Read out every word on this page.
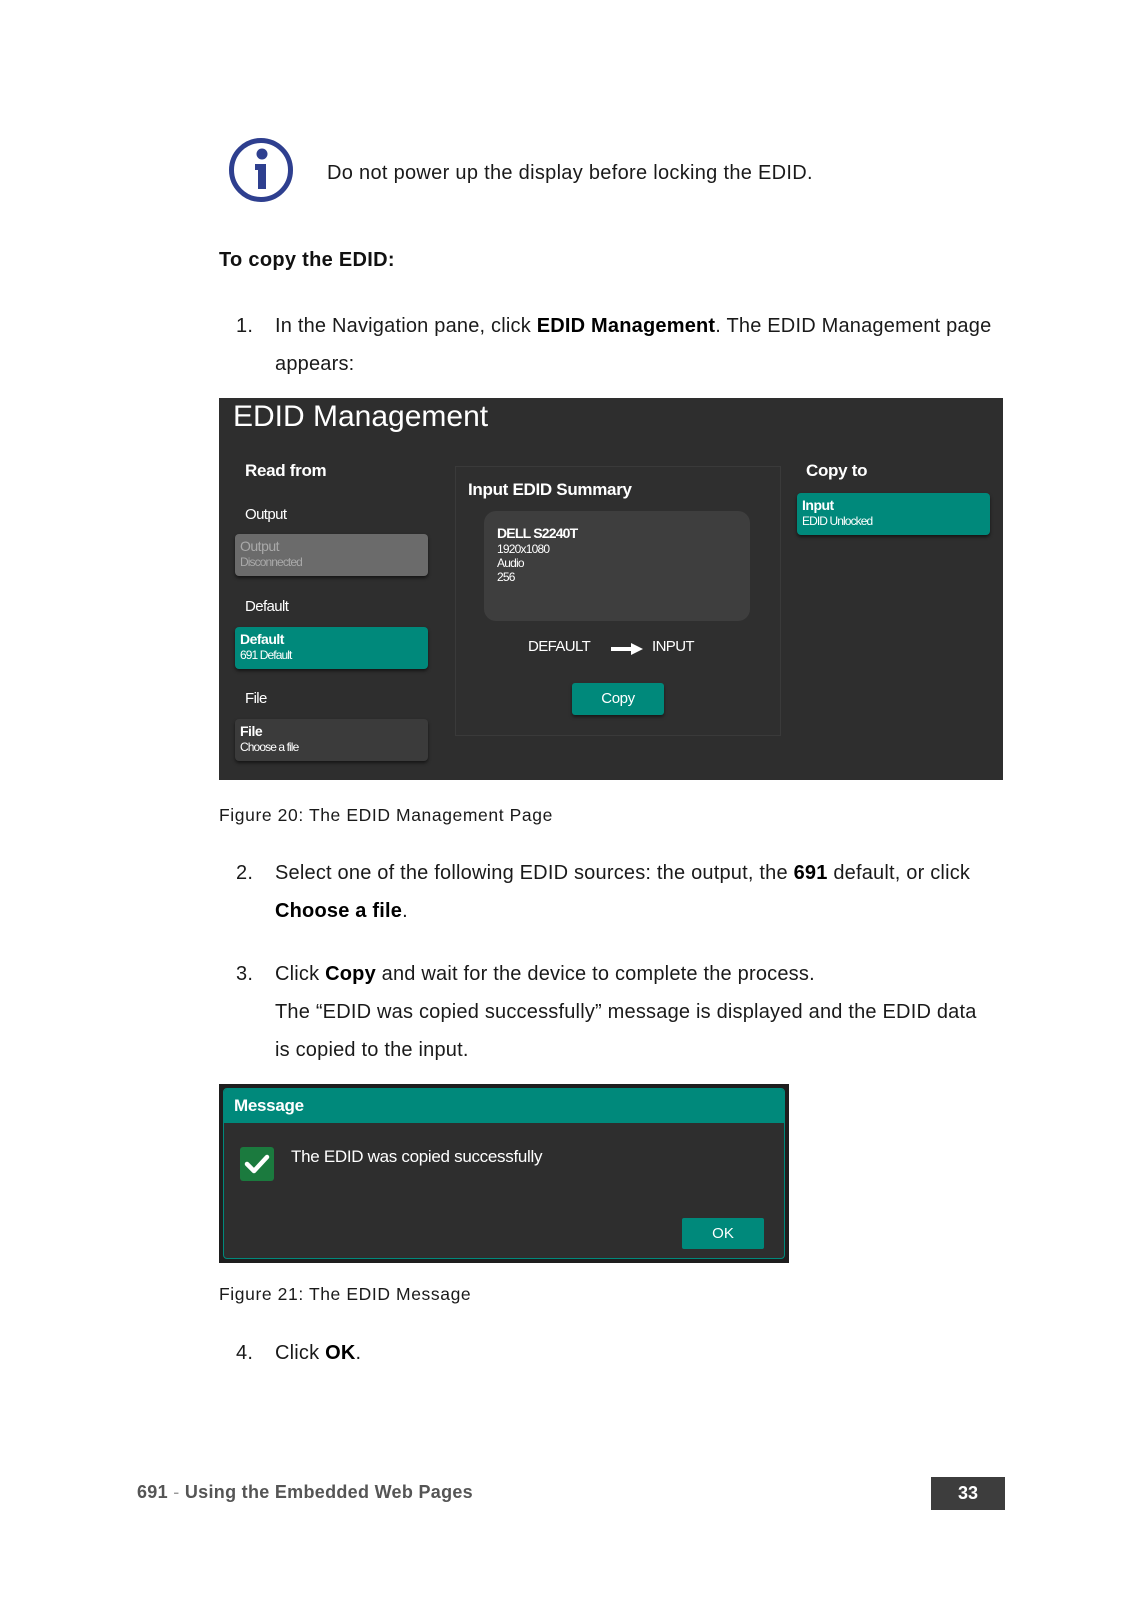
Do not power up the display before locking the EDID.
To copy the EDID:
1. In the Navigation pane, click EDID Management. The EDID Management page appears:
EDID Management
Read from
Output
Output
Disconnected
Default
Default
691 Default
File
File
Choose a file
Input EDID Summary
DELL S2240T
1920x1080
Audio
256
DEFAULT	INPUT
Copy
Copy to
Input
EDID Unlocked
Figure 20: The EDID Management Page
2. Select one of the following EDID sources: the output, the 691 default, or click Choose a file.
3. Click Copy and wait for the device to complete the process.
The “EDID was copied successfully” message is displayed and the EDID data is copied to the input.
Message
The EDID was copied successfully
OK
Figure 21: The EDID Message
4. Click OK.
691 - Using the Embedded Web Pages	33
